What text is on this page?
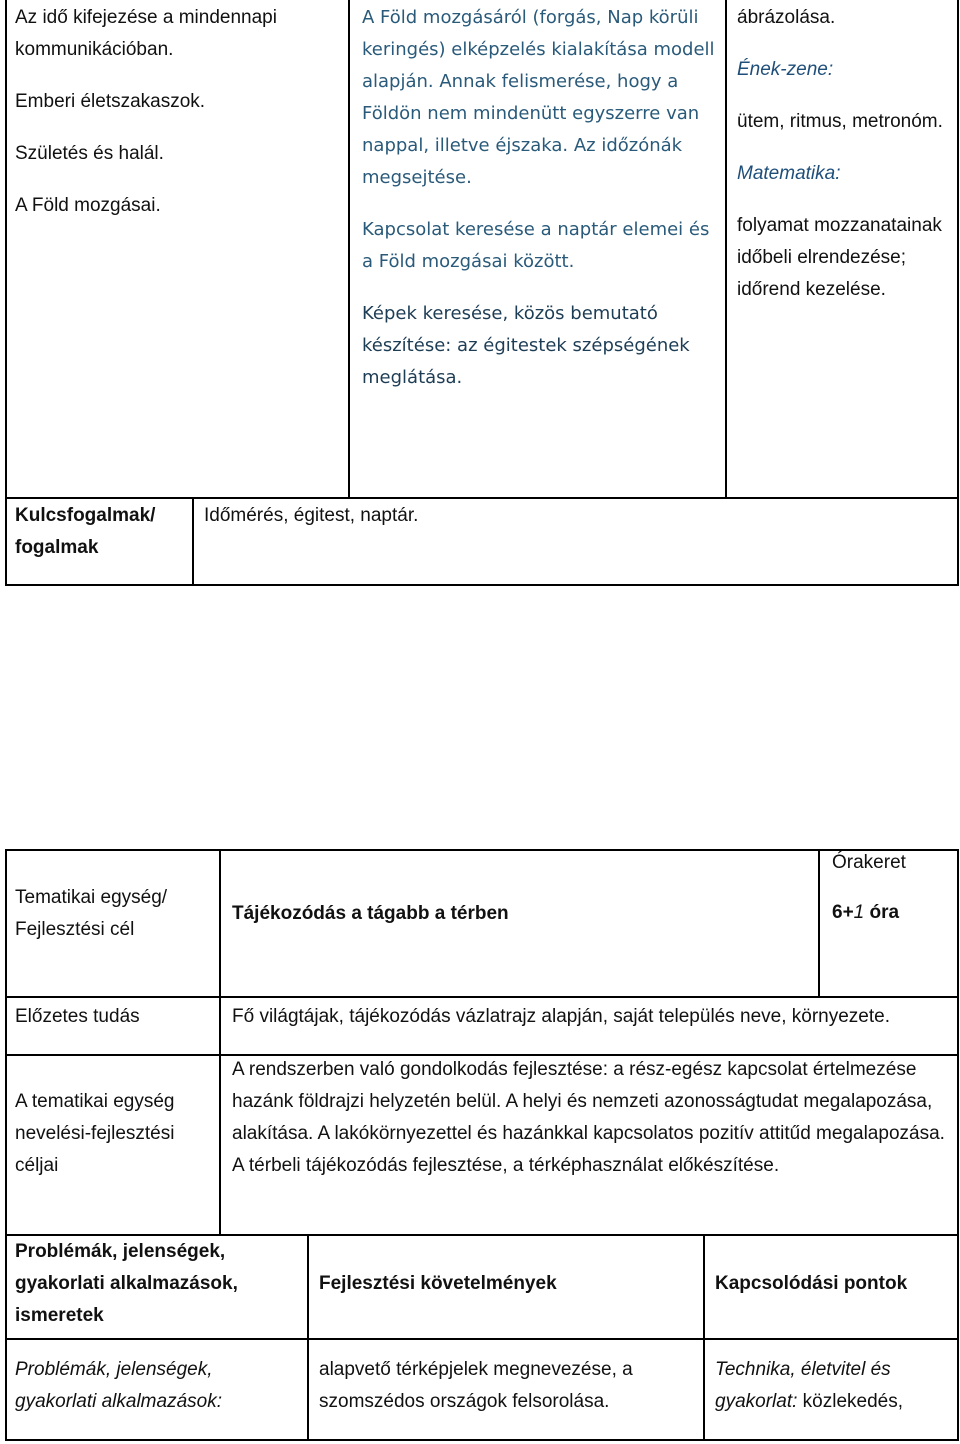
Az idő kifejezése a mindennapi kommunikációban.

Emberi életszakaszok.

Születés és halál.

A Föld mozgásai.

A Föld mozgásáról (forgás, Nap körüli keringés) elképzelés kialakítása modell alapján. Annak felismerése, hogy a Földön nem mindenütt egyszerre van nappal, illetve éjszaka. Az időzónák megsejtése.

Kapcsolat keresése a naptár elemei és a Föld mozgásai között.

Képek keresése, közös bemutató készítése: az égitestek szépségének meglátása.

ábrázolása.

Ének-zene:

ütem, ritmus, metronóm.

Matematika:

folyamat mozzanatainak időbeli elrendezése; időrend kezelése.

Kulcsfogalmak/ fogalmak
Időmérés, égitest, naptár.
Tematikai egység/ Fejlesztési cél
Tájékozódás a tágabb a térben
Órakeret
6+1 óra
Előzetes tudás	Fő világtájak, tájékozódás vázlatrajz alapján, saját település neve, környezete.
A tematikai egység nevelési-fejlesztési céljai
A rendszerben való gondolkodás fejlesztése: a rész-egész kapcsolat értelmezése hazánk földrajzi helyzetén belül. A helyi és nemzeti azonosságtudat megalapozása, alakítása. A lakókörnyezettel és hazánkkal kapcsolatos pozitív attitűd megalapozása. A térbeli tájékozódás fejlesztése, a térképhasználat előkészítése.
Problémák, jelenségek, gyakorlati alkalmazások, ismeretek
Fejlesztési követelmények	Kapcsolódási pontok
Problémák, jelenségek, gyakorlati alkalmazások:
alapvető térképjelek megnevezése, a szomszédos országok felsorolása.
Technika, életvitel és gyakorlat: közlekedés,
